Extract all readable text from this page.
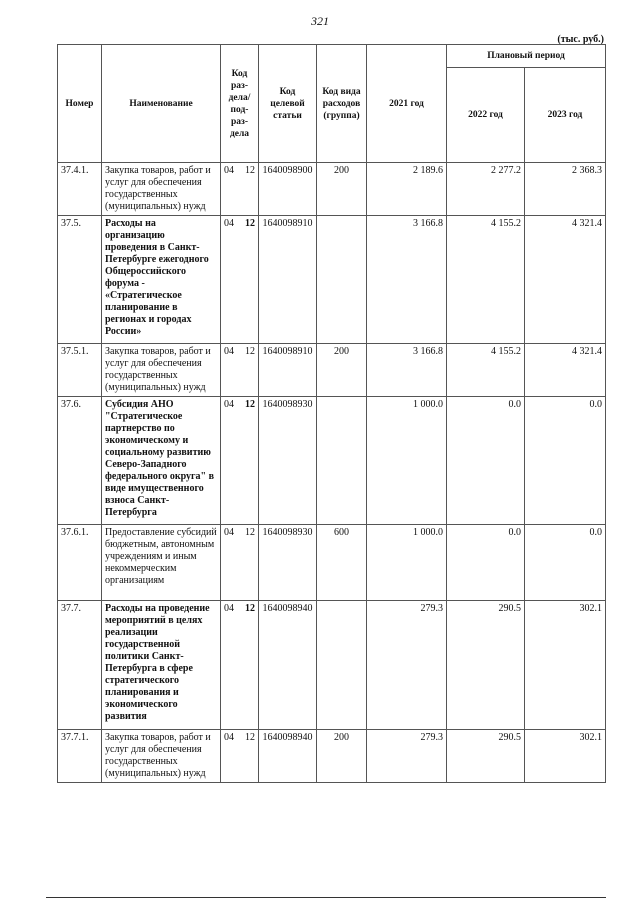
321
(тыс. руб.)
Номер	Наименование	Код раз-дела/ под-раз-дела	Код целевой статьи	Код вида расходов (группа)	2021 год	Плановый период	
						2022 год	2023 год
37.4.1.	Закупка товаров, работ и услуг для обеспечения государственных (муниципальных) нужд	04 12	1640098900	200	2 189.6	2 277.2	2 368.3
37.5.	Расходы на организацию проведения в Санкт-Петербурге ежегодного Общероссийского форума - «Стратегическое планирование в регионах и городах России»	04 12	1640098910		3 166.8	4 155.2	4 321.4
37.5.1.	Закупка товаров, работ и услуг для обеспечения государственных (муниципальных) нужд	04 12	1640098910	200	3 166.8	4 155.2	4 321.4
37.6.	Субсидия АНО "Стратегическое партнерство по экономическому и социальному развитию Северо-Западного федерального округа" в виде имущественного взноса Санкт-Петербурга	04 12	1640098930		1 000.0	0.0	0.0
37.6.1.	Предоставление субсидий бюджетным, автономным учреждениям и иным некоммерческим организациям	04 12	1640098930	600	1 000.0	0.0	0.0
37.7.	Расходы на проведение мероприятий в целях реализации государственной политики Санкт-Петербурга в сфере стратегического планирования и экономического развития	04 12	1640098940		279.3	290.5	302.1
37.7.1.	Закупка товаров, работ и услуг для обеспечения государственных (муниципальных) нужд	04 12	1640098940	200	279.3	290.5	302.1
